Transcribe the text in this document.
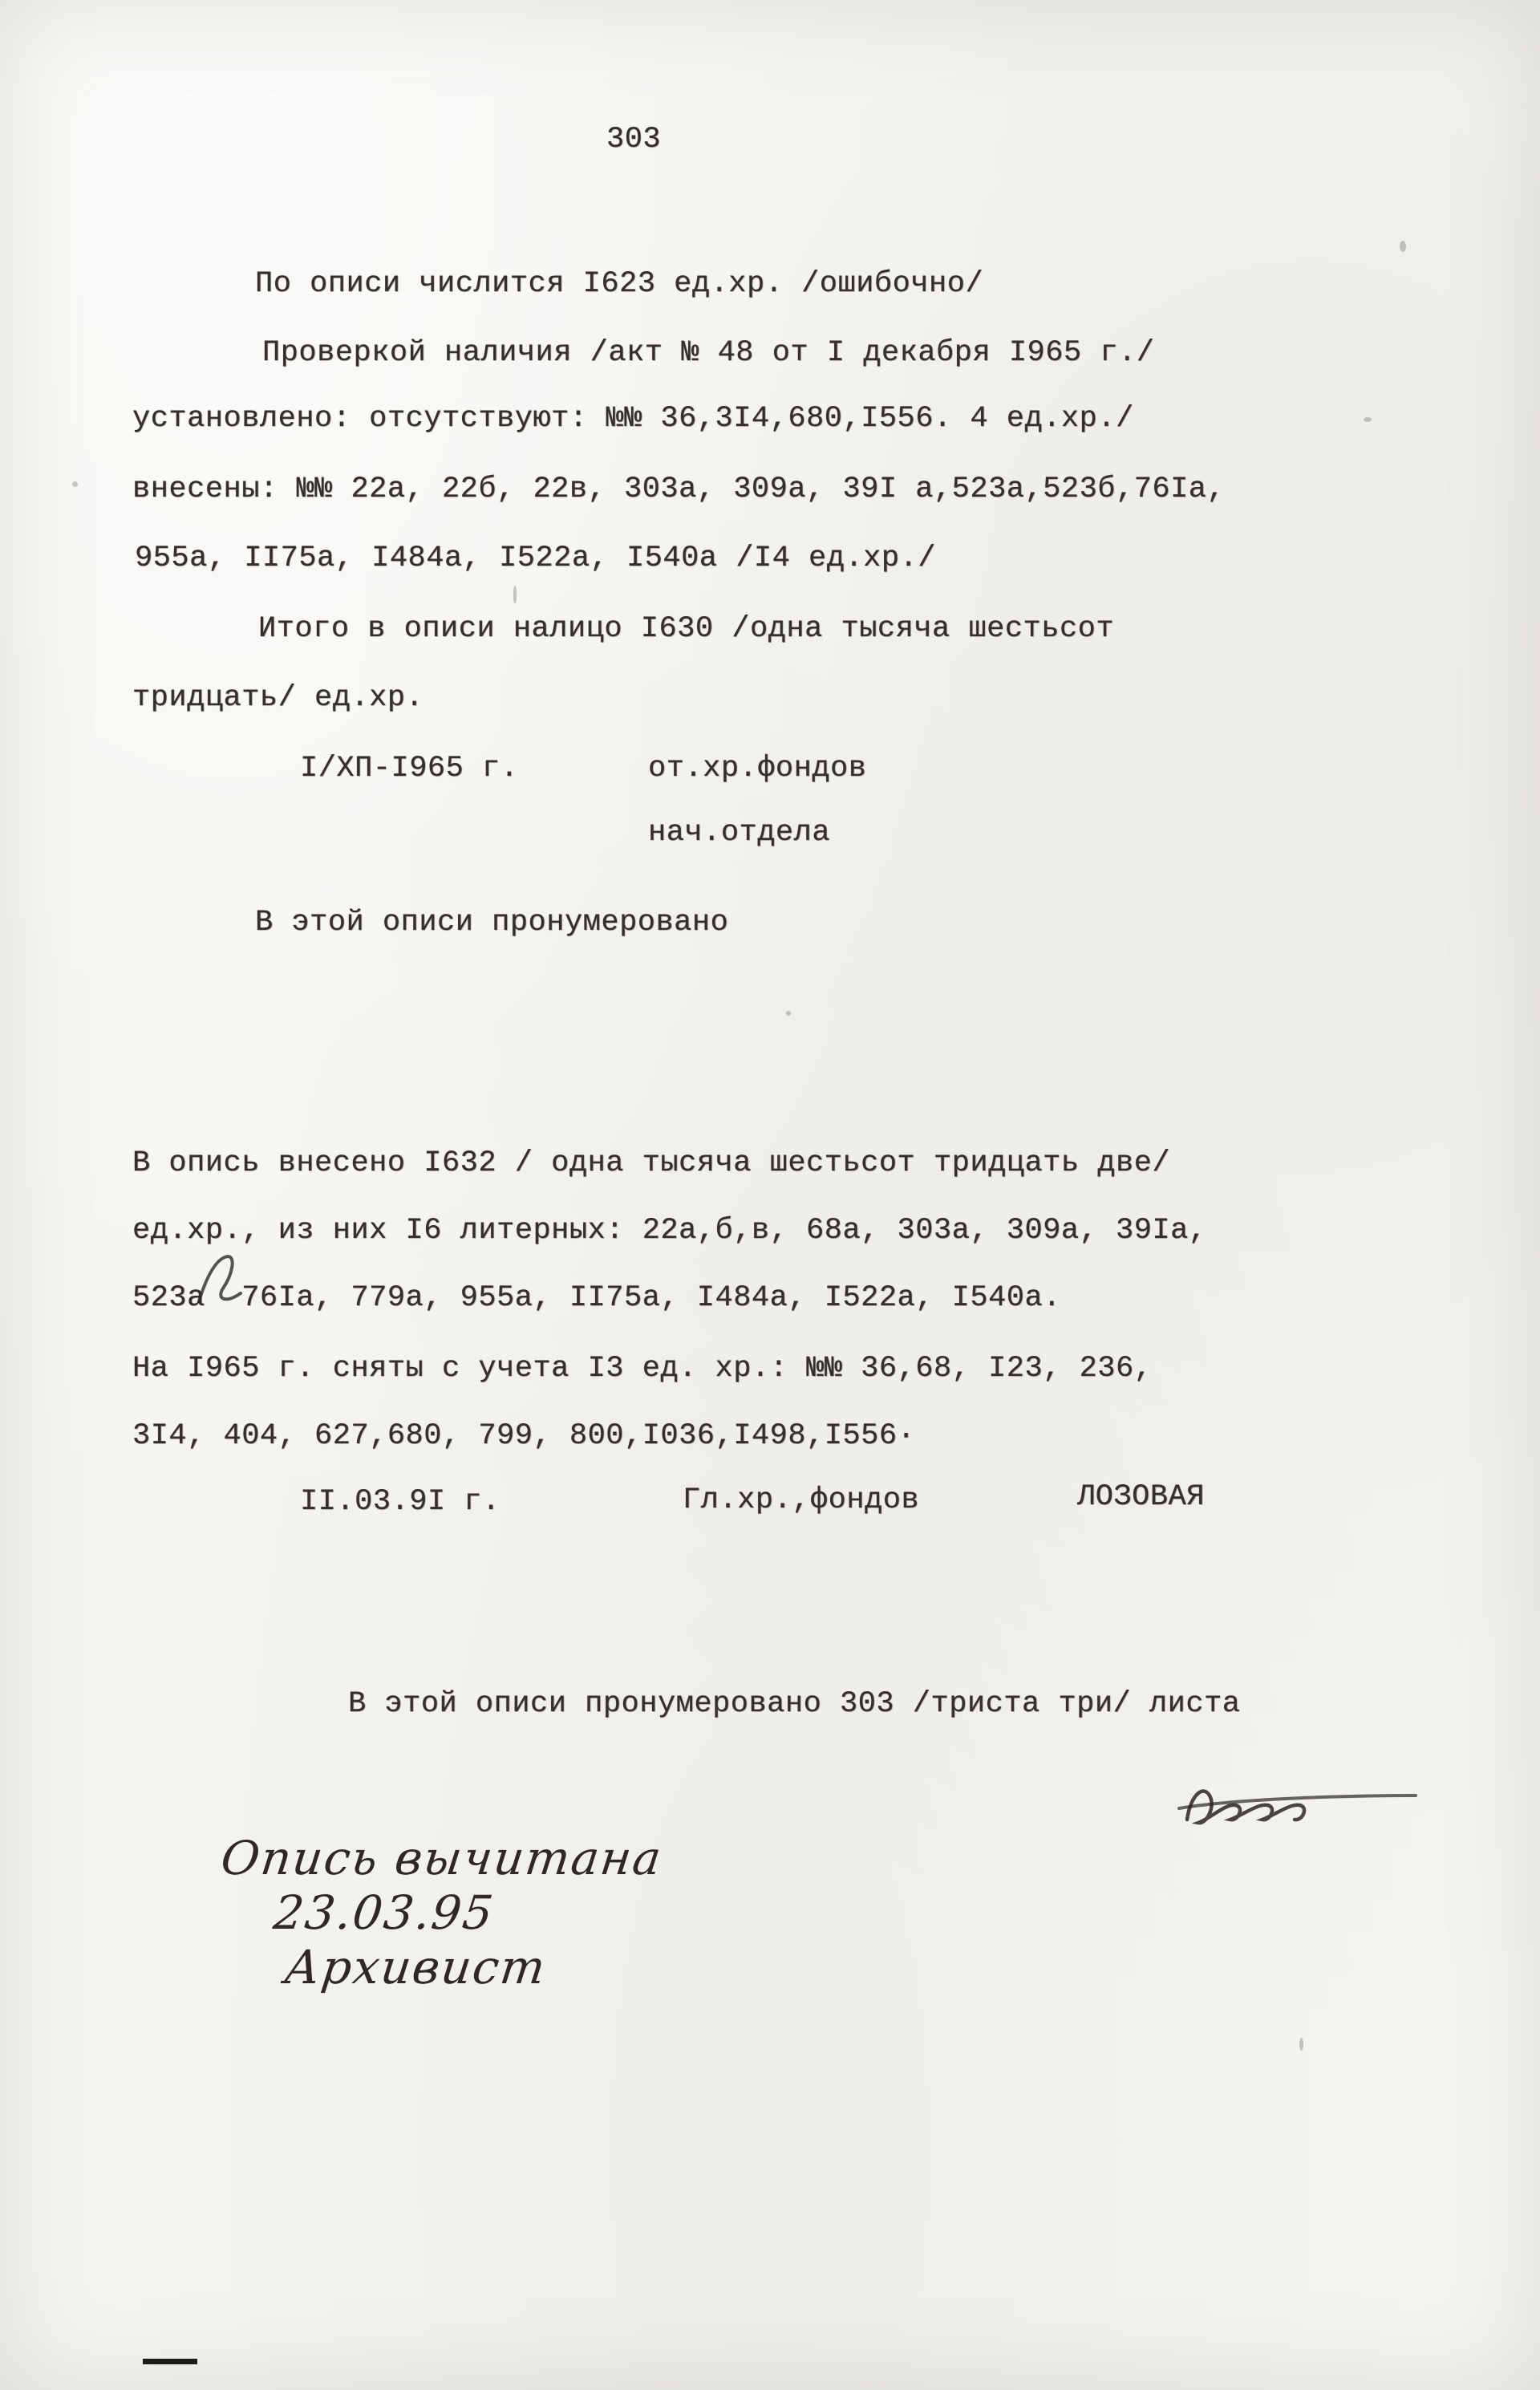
303
По описи числится I623 ед.хр. /ошибочно/
Проверкой наличия /акт № 48 от I декабря I965 г./
установлено: отсутствуют: №№ 36,3I4,680,I556. 4 ед.хр./
внесены: №№ 22а, 22б, 22в, 303а, 309а, 39I а,523а,523б,76Iа,
955а, II75а, I484а, I522а, I540а /I4 ед.хр./
Итого в описи налицо I630 /одна тысяча шестьсот
тридцать/ ед.хр.
I/ХП-I965 г.	от.хр.фондов
нач.отдела
В этой описи пронумеровано
В опись внесено I632 / одна тысяча шестьсот тридцать две/
ед.хр., из них I6 литерных: 22а,б,в, 68а, 303а, 309а, 39Iа,
523а  76Iа, 779а, 955а, II75а, I484а, I522а, I540а.
На I965 г. сняты с учета I3 ед. хр.: №№ 36,68, I23, 236,
3I4, 404, 627,680, 799, 800,I036,I498,I556·
II.03.9I г.	Гл.хр.,фондов	ЛОЗОВАЯ
В этой описи пронумеровано 303 /триста три/ листа

Опись вычитана
23.03.95
Архивист
